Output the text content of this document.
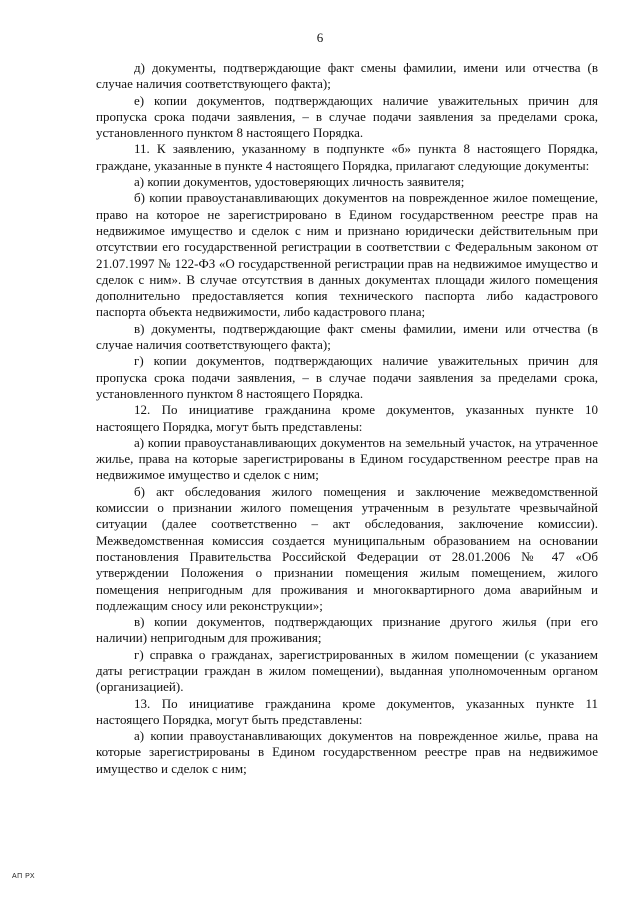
6

д) документы, подтверждающие факт смены фамилии, имени или отчества (в случае наличия соответствующего факта);

е) копии документов, подтверждающих наличие уважительных причин для пропуска срока подачи заявления, – в случае подачи заявления за пределами срока, установленного пунктом 8 настоящего Порядка.

11. К заявлению, указанному в подпункте «б» пункта 8 настоящего Порядка, граждане, указанные в пункте 4 настоящего Порядка, прилагают следующие документы:

а) копии документов, удостоверяющих личность заявителя;

б) копии правоустанавливающих документов на поврежденное жилое помещение, право на которое не зарегистрировано в Едином государственном реестре прав на недвижимое имущество и сделок с ним и признано юридически действительным при отсутствии его государственной регистрации в соответствии с Федеральным законом от 21.07.1997 № 122-ФЗ «О государственной регистрации прав на недвижимое имущество и сделок с ним». В случае отсутствия в данных документах площади жилого помещения дополнительно предоставляется копия технического паспорта либо кадастрового паспорта объекта недвижимости, либо кадастрового плана;

в) документы, подтверждающие факт смены фамилии, имени или отчества (в случае наличия соответствующего факта);

г) копии документов, подтверждающих наличие уважительных причин для пропуска срока подачи заявления, – в случае подачи заявления за пределами срока, установленного пунктом 8 настоящего Порядка.

12. По инициативе гражданина кроме документов, указанных пункте 10 настоящего Порядка, могут быть представлены:

а) копии правоустанавливающих документов на земельный участок, на утраченное жилье, права на которые зарегистрированы в Едином государственном реестре прав на недвижимое имущество и сделок с ним;

б) акт обследования жилого помещения и заключение межведомственной комиссии о признании жилого помещения утраченным в результате чрезвычайной ситуации (далее соответственно – акт обследования, заключение комиссии). Межведомственная комиссия создается муниципальным образованием на основании постановления Правительства Российской Федерации от 28.01.2006 № 47 «Об утверждении Положения о признании помещения жилым помещением, жилого помещения непригодным для проживания и многоквартирного дома аварийным и подлежащим сносу или реконструкции»;

в) копии документов, подтверждающих признание другого жилья (при его наличии) непригодным для проживания;

г) справка о гражданах, зарегистрированных в жилом помещении (с указанием даты регистрации граждан в жилом помещении), выданная уполномоченным органом (организацией).

13. По инициативе гражданина кроме документов, указанных пункте 11 настоящего Порядка, могут быть представлены:

а) копии правоустанавливающих документов на поврежденное жилье, права на которые зарегистрированы в Едином государственном реестре прав на недвижимое имущество и сделок с ним;

АП РХ
